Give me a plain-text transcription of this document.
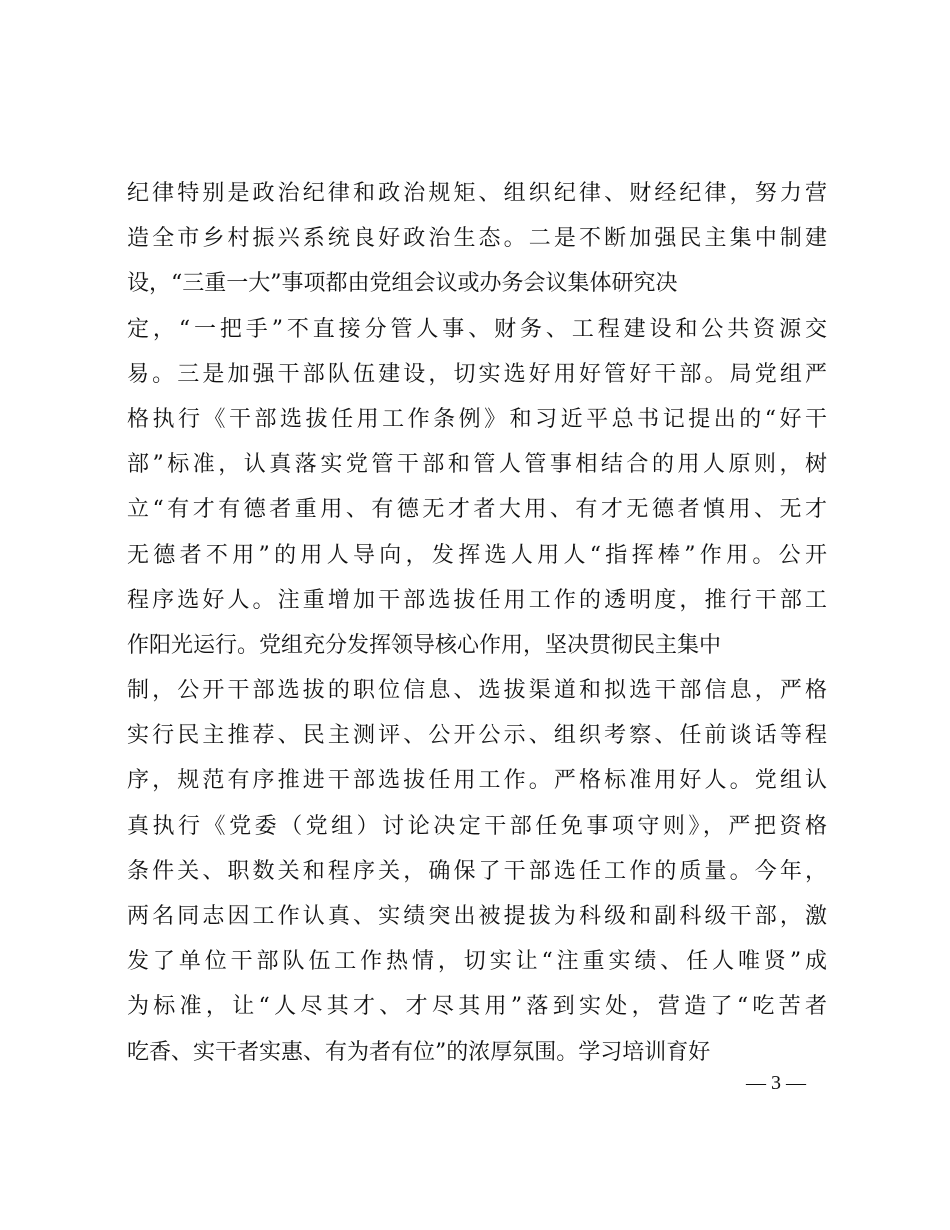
纪律特别是政治纪律和政治规矩、组织纪律、财经纪律，努力营
造全市乡村振兴系统良好政治生态。二是不断加强民主集中制建
设，“三重一大”事项都由党组会议或办务会议集体研究决
定，“一把手”不直接分管人事、财务、工程建设和公共资源交
易。三是加强干部队伍建设，切实选好用好管好干部。局党组严
格执行《干部选拔任用工作条例》和习近平总书记提出的“好干
部”标准，认真落实党管干部和管人管事相结合的用人原则，树
立“有才有德者重用、有德无才者大用、有才无德者慎用、无才
无德者不用”的用人导向，发挥选人用人“指挥棒”作用。公开
程序选好人。注重增加干部选拔任用工作的透明度，推行干部工
作阳光运行。党组充分发挥领导核心作用，坚决贯彻民主集中
制，公开干部选拔的职位信息、选拔渠道和拟选干部信息，严格
实行民主推荐、民主测评、公开公示、组织考察、任前谈话等程
序，规范有序推进干部选拔任用工作。严格标准用好人。党组认
真执行《党委（党组）讨论决定干部任免事项守则》，严把资格
条件关、职数关和程序关，确保了干部选任工作的质量。今年，
两名同志因工作认真、实绩突出被提拔为科级和副科级干部，激
发了单位干部队伍工作热情，切实让“注重实绩、任人唯贤”成
为标准，让“人尽其才、才尽其用”落到实处，营造了“吃苦者
吃香、实干者实惠、有为者有位”的浓厚氛围。学习培训育好
— 3 —
